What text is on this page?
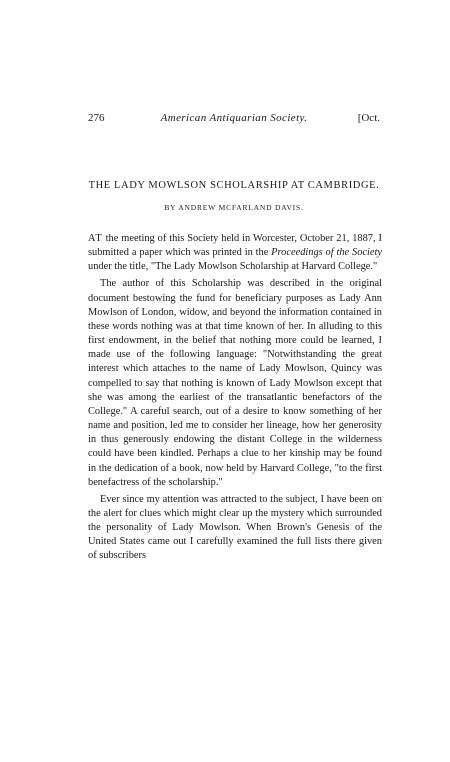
276	American Antiquarian Society.	[Oct.
THE LADY MOWLSON SCHOLARSHIP AT CAMBRIDGE.
BY ANDREW MCFARLAND DAVIS.

AT the meeting of this Society held in Worcester, October 21, 1887, I submitted a paper which was printed in the Proceedings of the Society under the title, "The Lady Mowlson Scholarship at Harvard College."

The author of this Scholarship was described in the original document bestowing the fund for beneficiary purposes as Lady Ann Mowlson of London, widow, and beyond the information contained in these words nothing was at that time known of her. In alluding to this first endowment, in the belief that nothing more could be learned, I made use of the following language: "Notwithstanding the great interest which attaches to the name of Lady Mowlson, Quincy was compelled to say that nothing is known of Lady Mowlson except that she was among the earliest of the transatlantic benefactors of the College." A careful search, out of a desire to know something of her name and position, led me to consider her lineage, how her generosity in thus generously endowing the distant College in the wilderness could have been kindled. Perhaps a clue to her kinship may be found in the dedication of a book, now held by Harvard College, "to the first benefactress of the scholarship."

Ever since my attention was attracted to the subject, I have been on the alert for clues which might clear up the mystery which surrounded the personality of Lady Mowlson. When Brown's Genesis of the United States came out I carefully examined the full lists there given of subscribers
